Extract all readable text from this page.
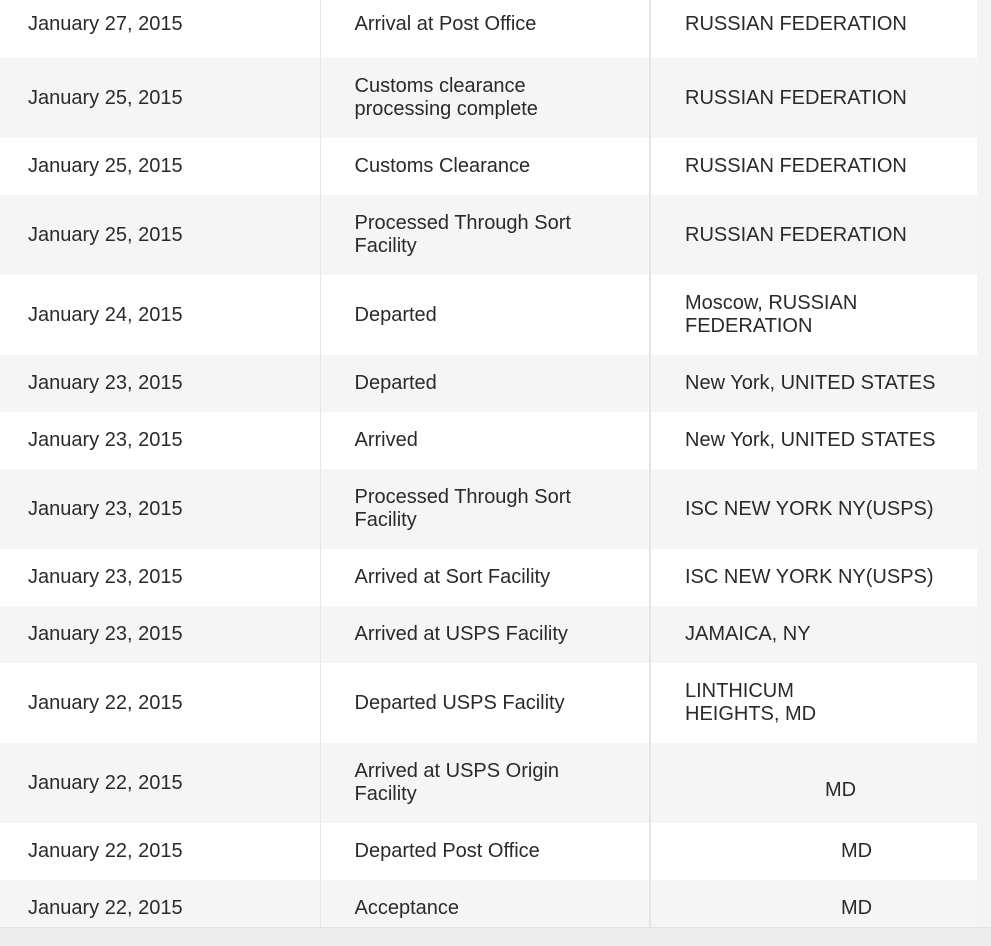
January 27, 2015	Arrival at Post Office	RUSSIAN FEDERATION
January 25, 2015	Customs clearance processing complete	RUSSIAN FEDERATION
January 25, 2015	Customs Clearance	RUSSIAN FEDERATION
January 25, 2015	Processed Through Sort Facility	RUSSIAN FEDERATION
January 24, 2015	Departed	Moscow, RUSSIAN FEDERATION
January 23, 2015	Departed	New York, UNITED STATES
January 23, 2015	Arrived	New York, UNITED STATES
January 23, 2015	Processed Through Sort Facility	ISC NEW YORK NY(USPS)
January 23, 2015	Arrived at Sort Facility	ISC NEW YORK NY(USPS)
January 23, 2015	Arrived at USPS Facility	JAMAICA, NY
January 22, 2015	Departed USPS Facility	LINTHICUM HEIGHTS, MD
January 22, 2015	Arrived at USPS Origin Facility	MD
January 22, 2015	Departed Post Office	MD
January 22, 2015	Acceptance	MD
